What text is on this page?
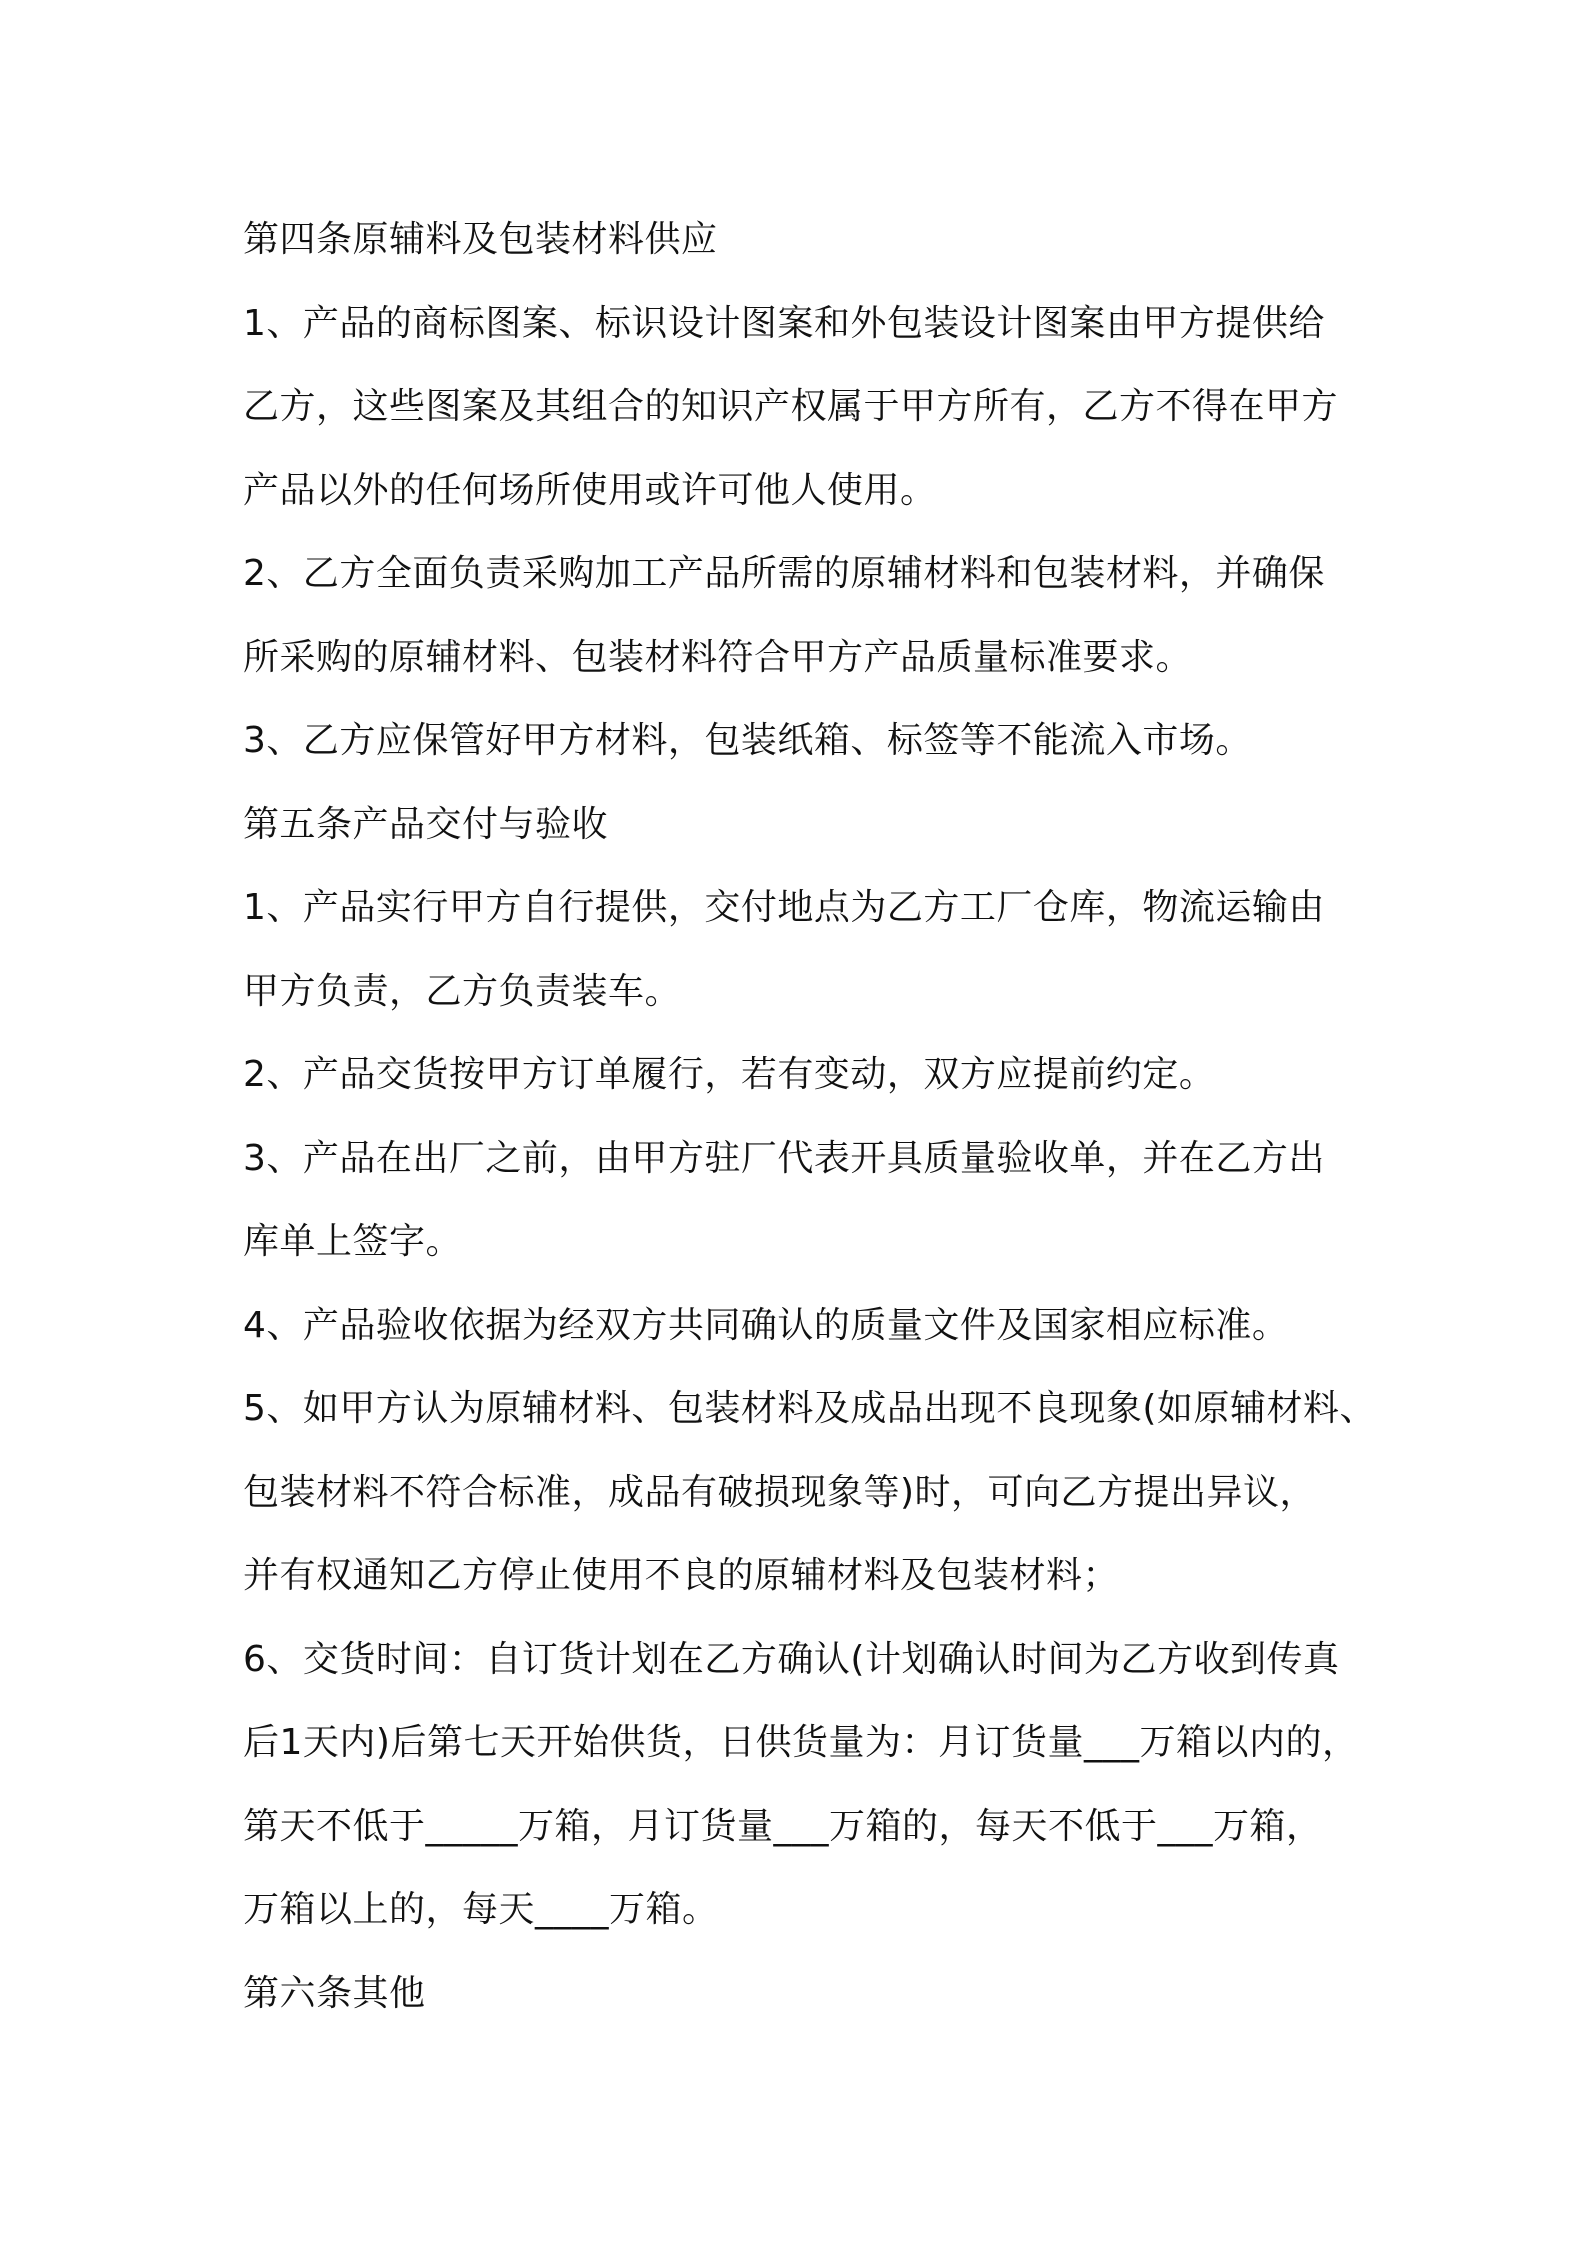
第四条原辅料及包装材料供应
1、产品的商标图案、标识设计图案和外包装设计图案由甲方提供给
乙方，这些图案及其组合的知识产权属于甲方所有，乙方不得在甲方
产品以外的任何场所使用或许可他人使用。
2、乙方全面负责采购加工产品所需的原辅材料和包装材料，并确保
所采购的原辅材料、包装材料符合甲方产品质量标准要求。
3、乙方应保管好甲方材料，包装纸箱、标签等不能流入市场。
第五条产品交付与验收
1、产品实行甲方自行提供，交付地点为乙方工厂仓库，物流运输由
甲方负责，乙方负责装车。
2、产品交货按甲方订单履行，若有变动，双方应提前约定。
3、产品在出厂之前，由甲方驻厂代表开具质量验收单，并在乙方出
库单上签字。
4、产品验收依据为经双方共同确认的质量文件及国家相应标准。
5、如甲方认为原辅材料、包装材料及成品出现不良现象(如原辅材料、
包装材料不符合标准，成品有破损现象等)时，可向乙方提出异议，
并有权通知乙方停止使用不良的原辅材料及包装材料；
6、交货时间：自订货计划在乙方确认(计划确认时间为乙方收到传真
后1天内)后第七天开始供货，日供货量为：月订货量___万箱以内的，
第天不低于_____万箱，月订货量___万箱的，每天不低于___万箱，
万箱以上的，每天____万箱。
第六条其他
